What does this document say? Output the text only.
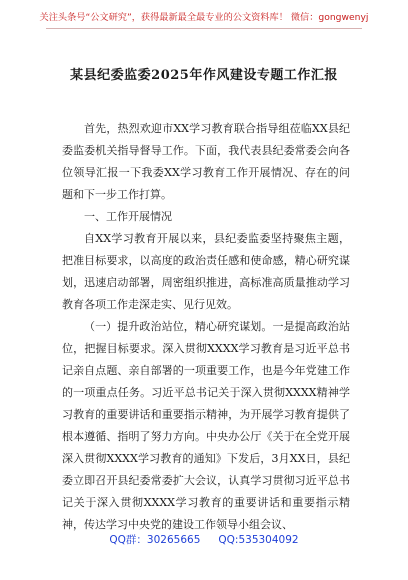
关注头条号“公文研究”，获得最新最全最专业的公文资料库！ 微信：gongwenyj
某县纪委监委2025年作风建设专题工作汇报

首先，热烈欢迎市XX学习教育联合指导组莅临XX县纪委监委机关指导督导工作。下面，我代表县纪委常委会向各位领导汇报一下我委XX学习教育工作开展情况、存在的问题和下一步工作打算。

一、工作开展情况

自XX学习教育开展以来，县纪委监委坚持聚焦主题，把准目标要求，以高度的政治责任感和使命感，精心研究谋划，迅速启动部署，周密组织推进，高标准高质量推动学习教育各项工作走深走实、见行见效。

（一）提升政治站位，精心研究谋划。一是提高政治站位，把握目标要求。深入贯彻XXXX学习教育是习近平总书记亲自点题、亲自部署的一项重要工作，也是今年党建工作的一项重点任务。习近平总书记关于深入贯彻XXXX精神学习教育的重要讲话和重要指示精神，为开展学习教育提供了根本遵循、指明了努力方向。中央办公厅《关于在全党开展深入贯彻XXXX学习教育的通知》下发后，3月XX日，县纪委立即召开县纪委常委扩大会议，认真学习贯彻习近平总书记关于深入贯彻XXXX学习教育的重要讲话和重要指示精神，传达学习中央党的建设工作领导小组会议、

QQ群：30265665 QQ:535304092
